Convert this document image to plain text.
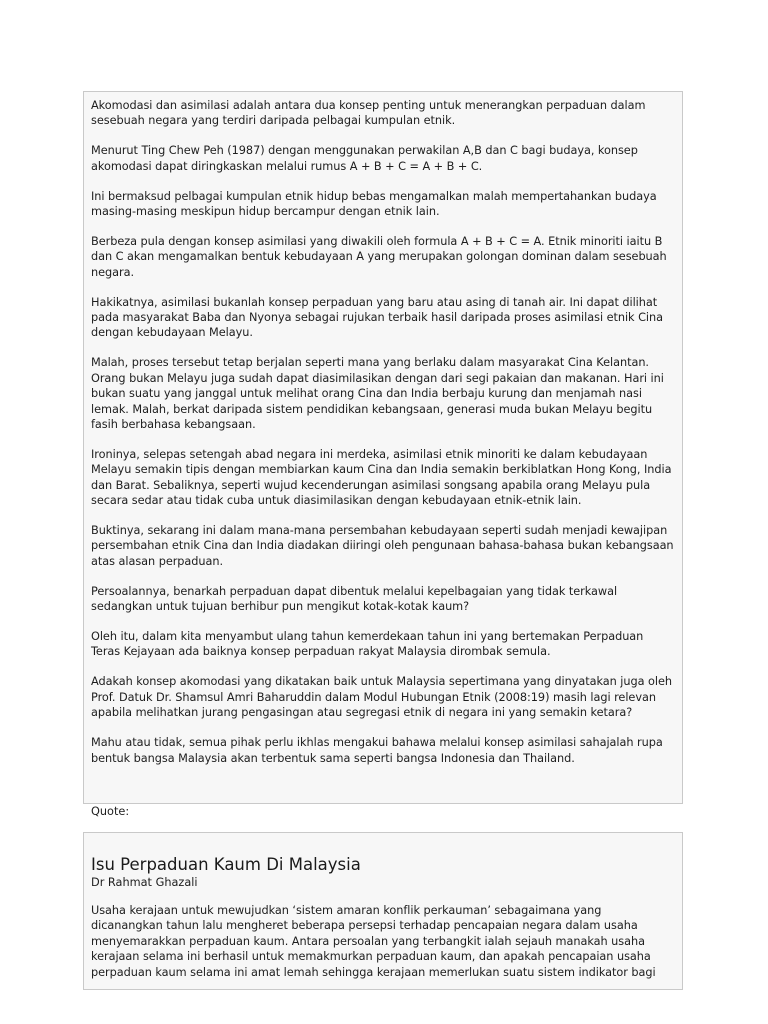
Akomodasi dan asimilasi adalah antara dua konsep penting untuk menerangkan perpaduan dalam sesebuah negara yang terdiri daripada pelbagai kumpulan etnik.

Menurut Ting Chew Peh (1987) dengan menggunakan perwakilan A,B dan C bagi budaya, konsep akomodasi dapat diringkaskan melalui rumus A + B + C = A + B + C.

Ini bermaksud pelbagai kumpulan etnik hidup bebas mengamalkan malah mempertahankan budaya masing-masing meskipun hidup bercampur dengan etnik lain.

Berbeza pula dengan konsep asimilasi yang diwakili oleh formula A + B + C = A. Etnik minoriti iaitu B dan C akan mengamalkan bentuk kebudayaan A yang merupakan golongan dominan dalam sesebuah negara.

Hakikatnya, asimilasi bukanlah konsep perpaduan yang baru atau asing di tanah air. Ini dapat dilihat pada masyarakat Baba dan Nyonya sebagai rujukan terbaik hasil daripada proses asimilasi etnik Cina dengan kebudayaan Melayu.

Malah, proses tersebut tetap berjalan seperti mana yang berlaku dalam masyarakat Cina Kelantan. Orang bukan Melayu juga sudah dapat diasimilasikan dengan dari segi pakaian dan makanan. Hari ini bukan suatu yang janggal untuk melihat orang Cina dan India berbaju kurung dan menjamah nasi lemak. Malah, berkat daripada sistem pendidikan kebangsaan, generasi muda bukan Melayu begitu fasih berbahasa kebangsaan.

Ironinya, selepas setengah abad negara ini merdeka, asimilasi etnik minoriti ke dalam kebudayaan Melayu semakin tipis dengan membiarkan kaum Cina dan India semakin berkiblatkan Hong Kong, India dan Barat. Sebaliknya, seperti wujud kecenderungan asimilasi songsang apabila orang Melayu pula secara sedar atau tidak cuba untuk diasimilasikan dengan kebudayaan etnik-etnik lain.

Buktinya, sekarang ini dalam mana-mana persembahan kebudayaan seperti sudah menjadi kewajipan persembahan etnik Cina dan India diadakan diiringi oleh pengunaan bahasa-bahasa bukan kebangsaan atas alasan perpaduan.

Persoalannya, benarkah perpaduan dapat dibentuk melalui kepelbagaian yang tidak terkawal sedangkan untuk tujuan berhibur pun mengikut kotak-kotak kaum?

Oleh itu, dalam kita menyambut ulang tahun kemerdekaan tahun ini yang bertemakan Perpaduan Teras Kejayaan ada baiknya konsep perpaduan rakyat Malaysia dirombak semula.

Adakah konsep akomodasi yang dikatakan baik untuk Malaysia sepertimana yang dinyatakan juga oleh Prof. Datuk Dr. Shamsul Amri Baharuddin dalam Modul Hubungan Etnik (2008:19) masih lagi relevan apabila melihatkan jurang pengasingan atau segregasi etnik di negara ini yang semakin ketara?

Mahu atau tidak, semua pihak perlu ikhlas mengakui bahawa melalui konsep asimilasi sahajalah rupa bentuk bangsa Malaysia akan terbentuk sama seperti bangsa Indonesia dan Thailand.

Quote:
Isu Perpaduan Kaum Di Malaysia

Dr Rahmat Ghazali

Usaha kerajaan untuk mewujudkan ‘sistem amaran konflik perkauman’ sebagaimana yang dicanangkan tahun lalu mengheret beberapa persepsi terhadap pencapaian negara dalam usaha menyemarakkan perpaduan kaum. Antara persoalan yang terbangkit ialah sejauh manakah usaha kerajaan selama ini berhasil untuk memakmurkan perpaduan kaum, dan apakah pencapaian usaha perpaduan kaum selama ini amat lemah sehingga kerajaan memerlukan suatu sistem indikator bagi
